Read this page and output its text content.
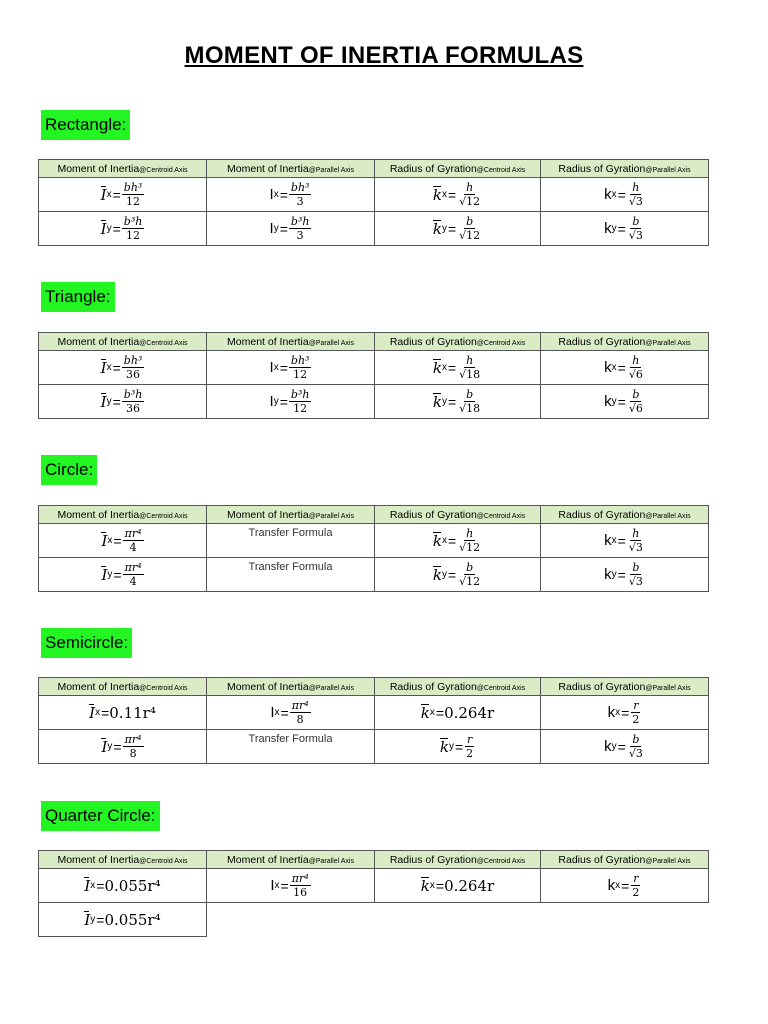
MOMENT OF INERTIA FORMULAS
Rectangle:
Moment of Inertia@Centroid Axis	Moment of Inertia@Parallel Axis	Radius of Gyration@Centroid Axis	Radius of Gyration@Parallel Axis

I $x = \frac{\text{bh³}}{12}$	I $x = \frac{\text{bh³}}{3}$	k $x = \frac{h}{√12}$	k $x = \frac{h}{√3}$

I $y = \frac{\text{b³h}}{12}$	I $y = \frac{\text{b³h}}{3}$	k $y = \frac{b}{√12}$	k $y = \frac{b}{√3}$
Triangle:
Moment of Inertia@Centroid Axis	Moment of Inertia@Parallel Axis	Radius of Gyration@Centroid Axis	Radius of Gyration@Parallel Axis

I $x = \frac{\text{bh³}}{36}$	I $x = \frac{\text{bh³}}{12}$	k $x = \frac{h}{√18}$	k $x = \frac{h}{√6}$

I $y = \frac{\text{b³h}}{36}$	I $y = \frac{\text{b³h}}{12}$	k $y = \frac{b}{√18}$	k $y = \frac{b}{√6}$
Circle:
Moment of Inertia@Centroid Axis	Moment of Inertia@Parallel Axis	Radius of Gyration@Centroid Axis	Radius of Gyration@Parallel Axis

I $x = \frac{\text{πr⁴}}{4}$	Transfer Formula	k $x = \frac{h}{√12}$	k $x = \frac{h}{√3}$

I $y = \frac{\text{πr⁴}}{4}$	Transfer Formula	k $y = \frac{b}{√12}$	k $y = \frac{b}{√3}$
Semicircle:
Moment of Inertia@Centroid Axis	Moment of Inertia@Parallel Axis	Radius of Gyration@Centroid Axis	Radius of Gyration@Parallel Axis

I x = 0.11r⁴	I $x = \frac{\text{πr⁴}}{8}$	k x = 0.264r	k $x = \frac{r}{2}$

I $y = \frac{\text{πr⁴}}{8}$	Transfer Formula	k $y = \frac{r}{2}$	k $y = \frac{b}{√3}$
Quarter Circle:
Moment of Inertia@Centroid Axis	Moment of Inertia@Parallel Axis	Radius of Gyration@Centroid Axis	Radius of Gyration@Parallel Axis

I x = 0.055r⁴	I $x = \frac{\text{πr⁴}}{16}$	k x = 0.264r	k $x = \frac{r}{2}$

I y = 0.055r⁴			
